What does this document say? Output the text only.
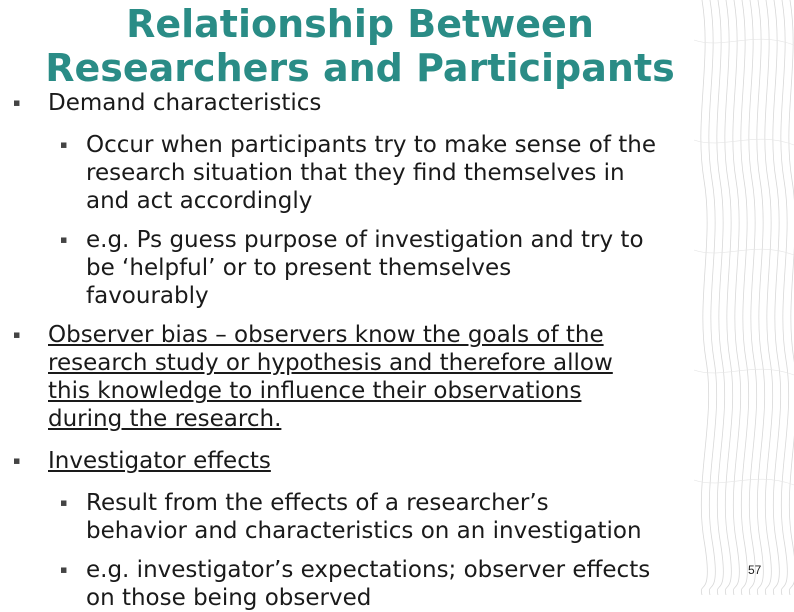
Relationship Between
Researchers and Participants
▪ Demand characteristics
▪ Occur when participants try to make sense of the
research situation that they find themselves in
and act accordingly
▪ e.g. Ps guess purpose of investigation and try to
be ‘helpful’ or to present themselves
favourably
▪ Observer bias – observers know the goals of the
research study or hypothesis and therefore allow
this knowledge to influence their observations
during the research.
▪ Investigator effects
▪ Result from the effects of a researcher’s
behavior and characteristics on an investigation
▪ e.g. investigator’s expectations; observer effects
on those being observed
57
